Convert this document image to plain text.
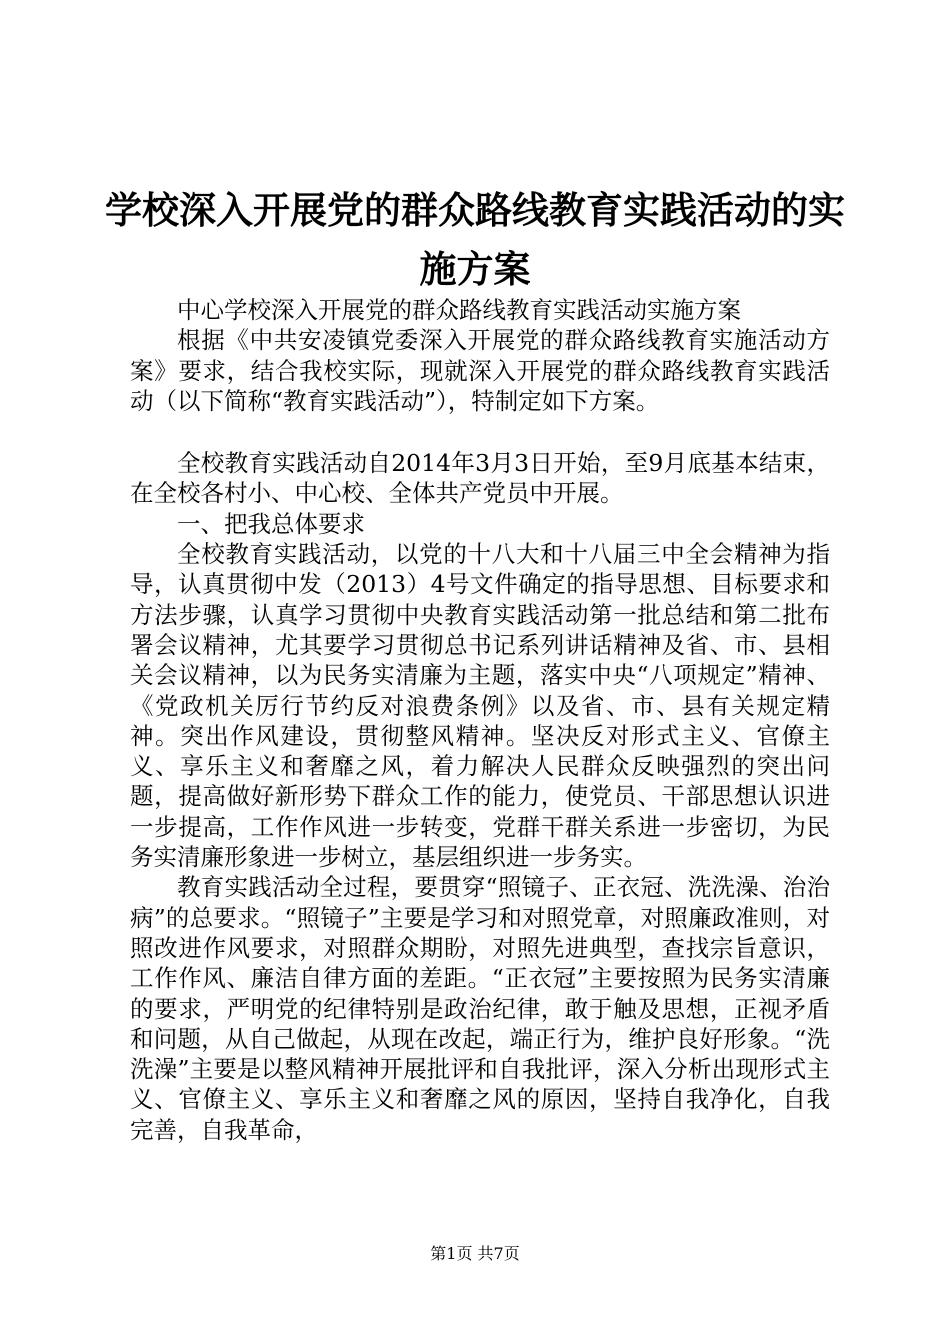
学校深入开展党的群众路线教育实践活动的实
施方案

中心学校深入开展党的群众路线教育实践活动实施方案

根据《中共安凌镇党委深入开展党的群众路线教育实施活动方案》要求，结合我校实际，现就深入开展党的群众路线教育实践活动（以下简称“教育实践活动”），特制定如下方案。

全校教育实践活动自2014年3月3日开始，至9月底基本结束，在全校各村小、中心校、全体共产党员中开展。

一、把我总体要求

全校教育实践活动，以党的十八大和十八届三中全会精神为指导，认真贯彻中发（2013）4号文件确定的指导思想、目标要求和方法步骤，认真学习贯彻中央教育实践活动第一批总结和第二批布署会议精神，尤其要学习贯彻总书记系列讲话精神及省、市、县相关会议精神，以为民务实清廉为主题，落实中央“八项规定”精神、《党政机关厉行节约反对浪费条例》以及省、市、县有关规定精神。突出作风建设，贯彻整风精神。坚决反对形式主义、官僚主义、享乐主义和奢靡之风，着力解决人民群众反映强烈的突出问题，提高做好新形势下群众工作的能力，使党员、干部思想认识进一步提高，工作作风进一步转变，党群干群关系进一步密切，为民务实清廉形象进一步树立，基层组织进一步务实。

教育实践活动全过程，要贯穿“照镜子、正衣冠、洗洗澡、治治病”的总要求。“照镜子”主要是学习和对照党章，对照廉政准则，对照改进作风要求，对照群众期盼，对照先进典型，查找宗旨意识，工作作风、廉洁自律方面的差距。“正衣冠”主要按照为民务实清廉的要求，严明党的纪律特别是政治纪律，敢于触及思想，正视矛盾和问题，从自己做起，从现在改起，端正行为，维护良好形象。“洗洗澡”主要是以整风精神开展批评和自我批评，深入分析出现形式主义、官僚主义、享乐主义和奢靡之风的原因，坚持自我净化，自我完善，自我革命，

第1页 共7页
